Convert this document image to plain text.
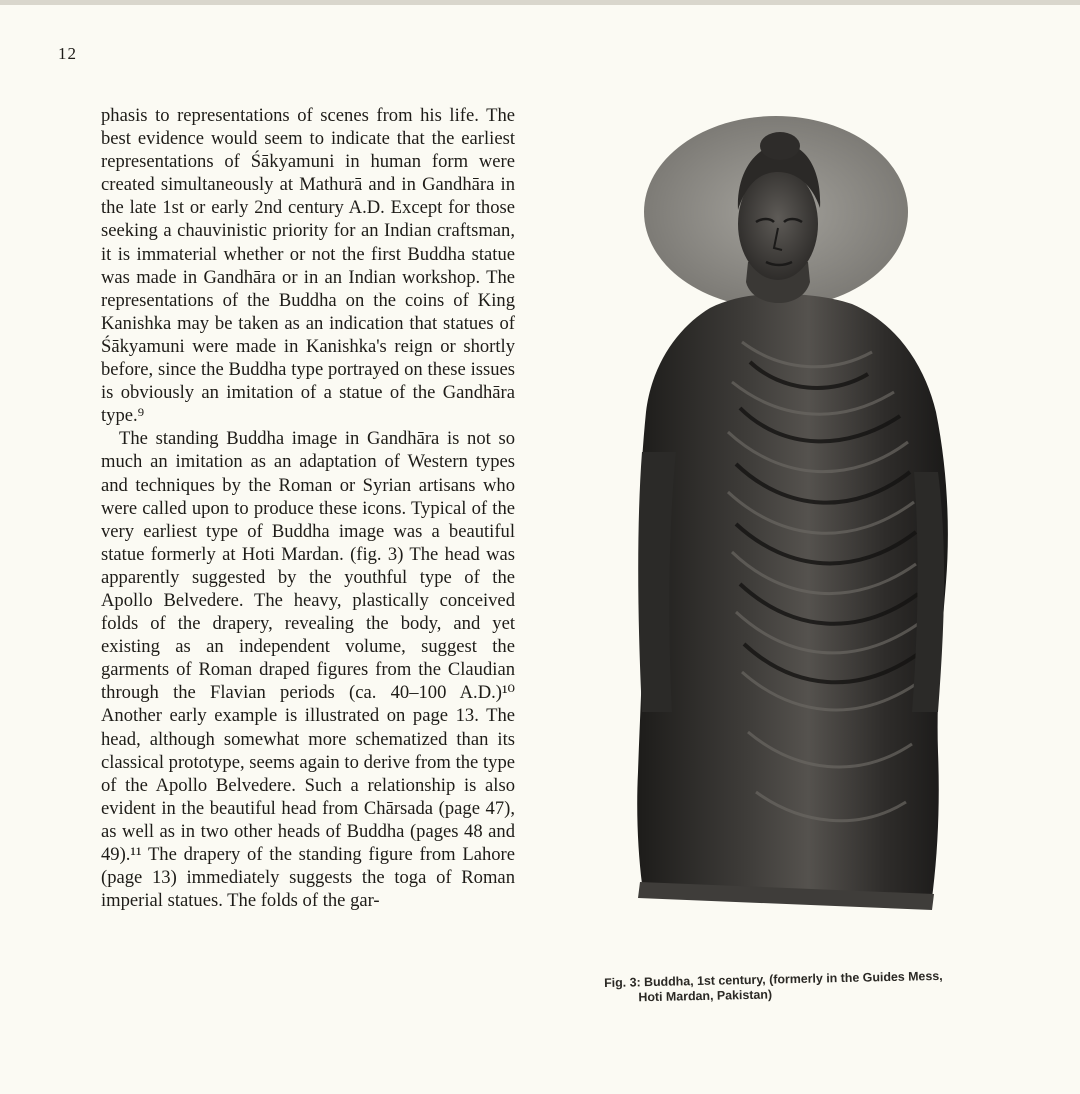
12

phasis to representations of scenes from his life. The best evidence would seem to indicate that the earliest representations of Śākyamuni in human form were created simultaneously at Mathurā and in Gandhāra in the late 1st or early 2nd century A.D. Except for those seeking a chauvinistic priority for an Indian craftsman, it is immaterial whether or not the first Buddha statue was made in Gandhāra or in an Indian workshop. The representations of the Buddha on the coins of King Kanishka may be taken as an indication that statues of Śākyamuni were made in Kanishka's reign or shortly before, since the Buddha type portrayed on these issues is obviously an imitation of a statue of the Gandhāra type.⁹

The standing Buddha image in Gandhāra is not so much an imitation as an adaptation of Western types and techniques by the Roman or Syrian artisans who were called upon to produce these icons. Typical of the very earliest type of Buddha image was a beautiful statue formerly at Hoti Mardan. (fig. 3) The head was apparently suggested by the youthful type of the Apollo Belvedere. The heavy, plastically conceived folds of the drapery, revealing the body, and yet existing as an independent volume, suggest the garments of Roman draped figures from the Claudian through the Flavian periods (ca. 40–100 A.D.)¹⁰ Another early example is illustrated on page 13. The head, although somewhat more schematized than its classical prototype, seems again to derive from the type of the Apollo Belvedere. Such a relationship is also evident in the beautiful head from Chārsada (page 47), as well as in two other heads of Buddha (pages 48 and 49).¹¹ The drapery of the standing figure from Lahore (page 13) immediately suggests the toga of Roman imperial statues. The folds of the gar-

Fig. 3: Buddha, 1st century, (formerly in the Guides Mess,
Hoti Mardan, Pakistan)
